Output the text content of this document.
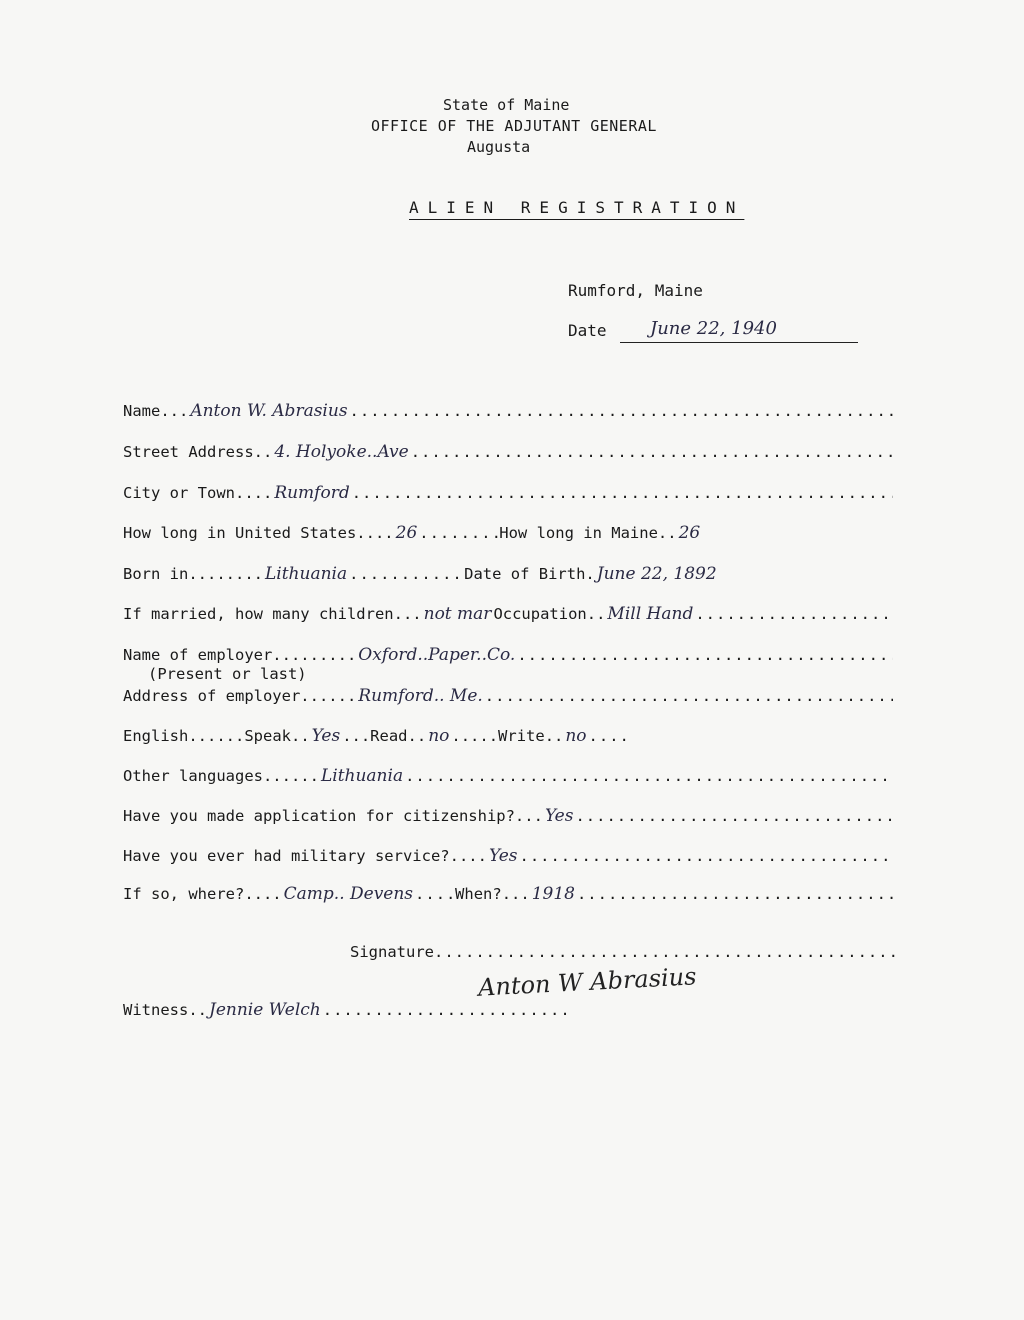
State of Maine
OFFICE OF THE ADJUTANT GENERAL
Augusta
ALIEN REGISTRATION
Rumford, Maine
Date June 22, 1940
Name... Anton W. Abrasius
.....
Street Address.. 4. Holyoke..Ave
.....
City or Town.... Rumford
.....
How long in United States.... 26 .....	How long in Maine.. 26
Born in........ Lithuania .....	Date of Birth. June 22, 1892
If married, how many children... not mar Occupation.. Mill Hand
.....
Name of employer......... Oxford..Paper..Co.
.....
(Present or last)
Address of employer...... Rumford.. Me.
.....
English...... Speak.. Yes ...Read.. no .....Write.. no
.....
Other languages...... Lithuania
.....
Have you made application for citizenship?... Yes
.....
Have you ever had military service?.... Yes
.....
If so, where?.... Camp.. Devens .....	When?... 1918
.....
Signature
.....
Anton W Abrasius
Witness.. Jennie Welch
.....
